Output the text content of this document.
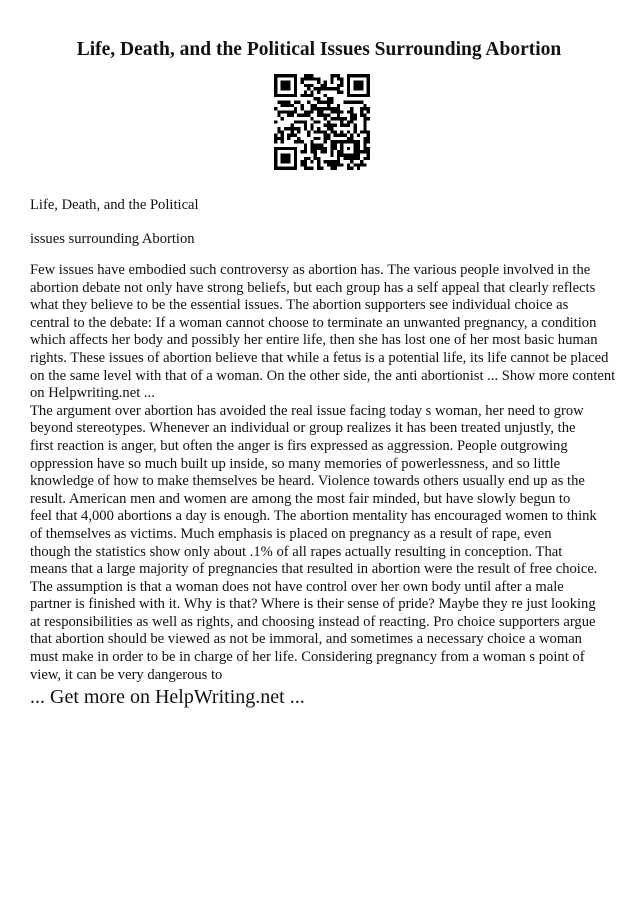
Life, Death, and the Political Issues Surrounding Abortion
Life, Death, and the Political
issues surrounding Abortion
Few issues have embodied such controversy as abortion has. The various people involved in the
abortion debate not only have strong beliefs, but each group has a self appeal that clearly reflects
what they believe to be the essential issues. The abortion supporters see individual choice as
central to the debate: If a woman cannot choose to terminate an unwanted pregnancy, a condition
which affects her body and possibly her entire life, then she has lost one of her most basic human
rights. These issues of abortion believe that while a fetus is a potential life, its life cannot be placed
on the same level with that of a woman. On the other side, the anti abortionist ... Show more content
on Helpwriting.net ...
The argument over abortion has avoided the real issue facing today s woman, her need to grow
beyond stereotypes. Whenever an individual or group realizes it has been treated unjustly, the
first reaction is anger, but often the anger is firs expressed as aggression. People outgrowing
oppression have so much built up inside, so many memories of powerlessness, and so little
knowledge of how to make themselves be heard. Violence towards others usually end up as the
result. American men and women are among the most fair minded, but have slowly begun to
feel that 4,000 abortions a day is enough. The abortion mentality has encouraged women to think
of themselves as victims. Much emphasis is placed on pregnancy as a result of rape, even
though the statistics show only about .1% of all rapes actually resulting in conception. That
means that a large majority of pregnancies that resulted in abortion were the result of free choice.
The assumption is that a woman does not have control over her own body until after a male
partner is finished with it. Why is that? Where is their sense of pride? Maybe they re just looking
at responsibilities as well as rights, and choosing instead of reacting. Pro choice supporters argue
that abortion should be viewed as not be immoral, and sometimes a necessary choice a woman
must make in order to be in charge of her life. Considering pregnancy from a woman s point of
view, it can be very dangerous to
... Get more on HelpWriting.net ...
